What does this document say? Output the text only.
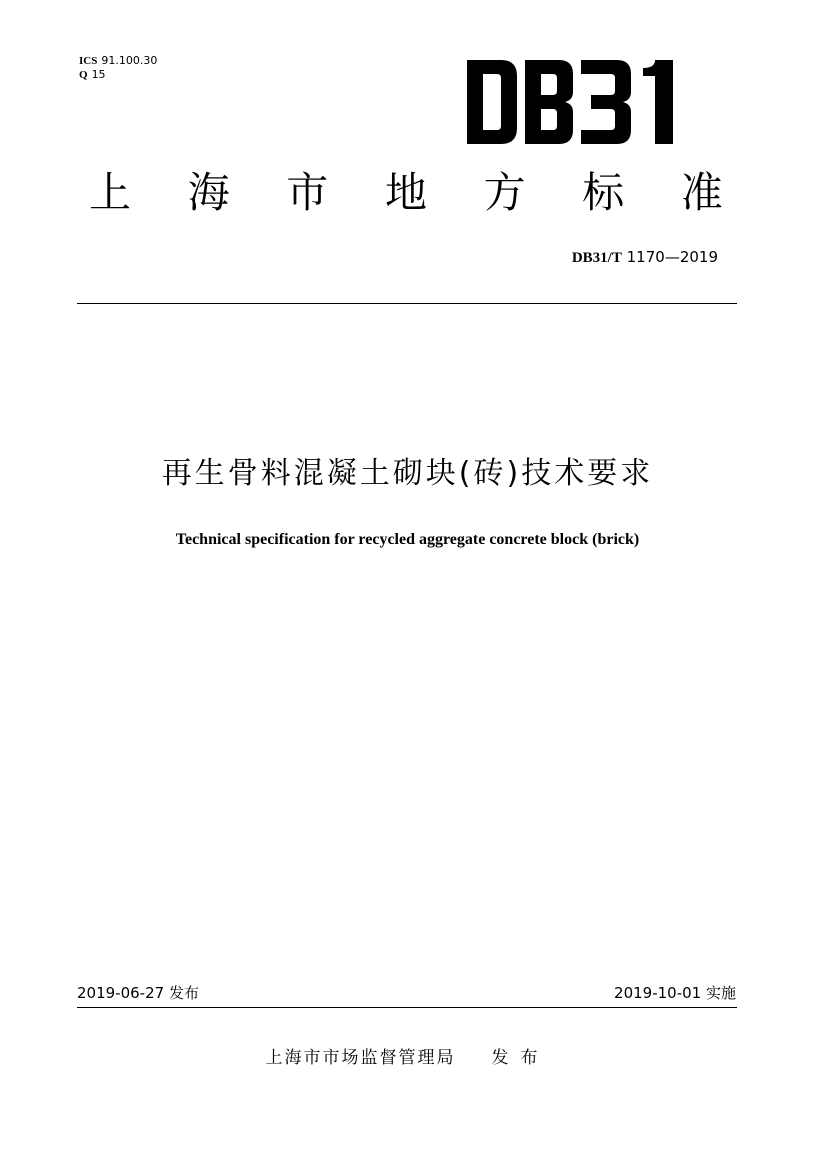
ICS 91.100.30
Q 15
上 海 市 地 方 标 准
DB31/T 1170—2019
再生骨料混凝土砌块(砖)技术要求
Technical specification for recycled aggregate concrete block (brick)
2019-06-27 发布	2019-10-01 实施
上海市市场监督管理局 发布
